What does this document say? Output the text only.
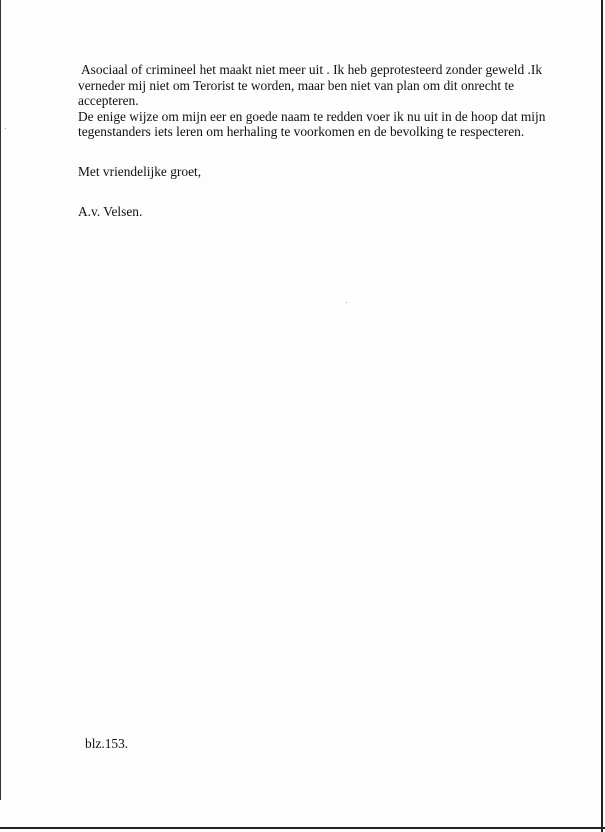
Asociaal of crimineel het maakt niet meer uit . Ik heb geprotesteerd zonder geweld .Ik

verneder mij niet om Terorist te worden, maar ben niet van plan om dit onrecht te

accepteren.

De enige wijze om mijn eer en goede naam te redden voer ik nu uit in de hoop dat mijn

tegenstanders iets leren om herhaling te voorkomen en de bevolking te respecteren.

Met vriendelijke groet,

A.v. Velsen.

blz.153.
